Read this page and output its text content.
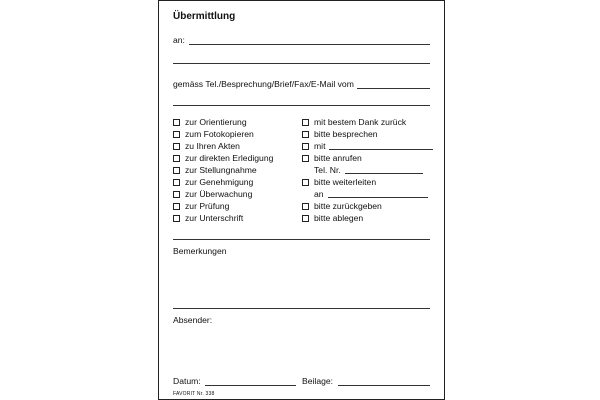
Übermittlung
an:
gemäss Tel./Besprechung/Brief/Fax/E-Mail vom
zur Orientierung
zum Fotokopieren
zu Ihren Akten
zur direkten Erledigung
zur Stellungnahme
zur Genehmigung
zur Überwachung
zur Prüfung
zur Unterschrift
mit bestem Dank zurück
bitte besprechen
mit
bitte anrufen
Tel. Nr.
bitte weiterleiten
an
bitte zurückgeben
bitte ablegen
Bemerkungen
Absender:
Datum:	Beilage:
FAVORIT Nr. 338
